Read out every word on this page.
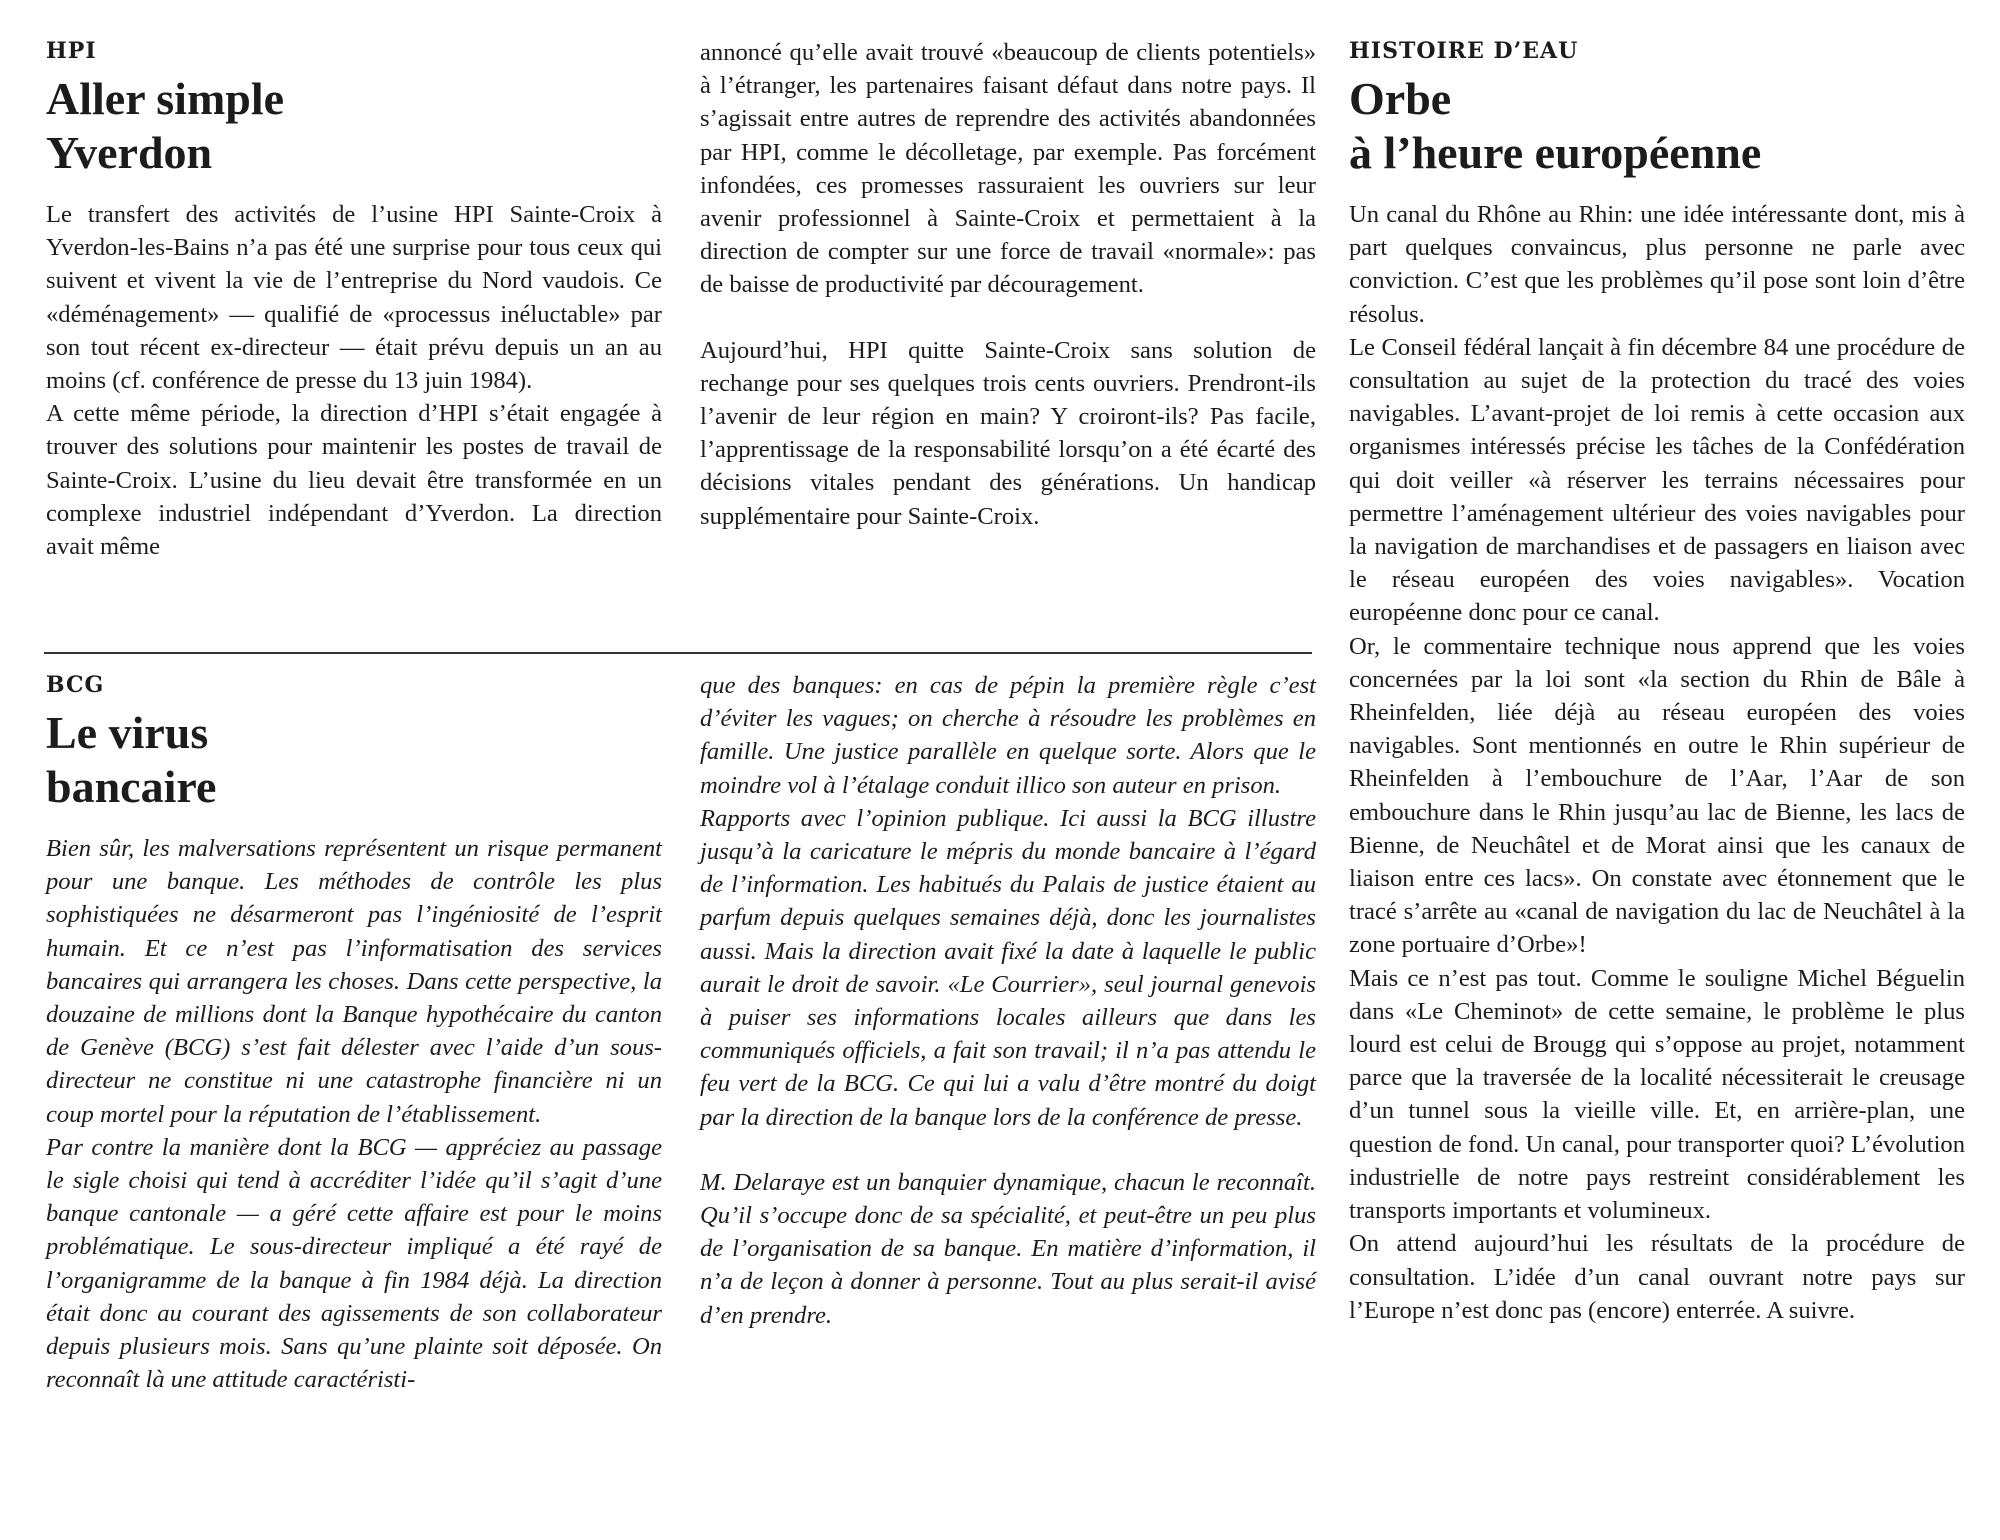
HPI
Aller simple
Yverdon

Le transfert des activités de l’usine HPI Sainte-Croix à Yverdon-les-Bains n’a pas été une surprise pour tous ceux qui suivent et vivent la vie de l’entreprise du Nord vaudois. Ce «déménagement» — qualifié de «processus inéluctable» par son tout récent ex-directeur — était prévu depuis un an au moins (cf. conférence de presse du 13 juin 1984).

A cette même période, la direction d’HPI s’était engagée à trouver des solutions pour maintenir les postes de travail de Sainte-Croix. L’usine du lieu devait être transformée en un complexe industriel indépendant d’Yverdon. La direction avait même

annoncé qu’elle avait trouvé «beaucoup de clients potentiels» à l’étranger, les partenaires faisant défaut dans notre pays. Il s’agissait entre autres de reprendre des activités abandonnées par HPI, comme le décolletage, par exemple. Pas forcément infondées, ces promesses rassuraient les ouvriers sur leur avenir professionnel à Sainte-Croix et permettaient à la direction de compter sur une force de travail «normale»: pas de baisse de productivité par découragement.

Aujourd’hui, HPI quitte Sainte-Croix sans solution de rechange pour ses quelques trois cents ouvriers. Prendront-ils l’avenir de leur région en main? Y croiront-ils? Pas facile, l’apprentissage de la responsabilité lorsqu’on a été écarté des décisions vitales pendant des générations. Un handicap supplémentaire pour Sainte-Croix.

BCG
Le virus
bancaire

Bien sûr, les malversations représentent un risque permanent pour une banque. Les méthodes de contrôle les plus sophistiquées ne désarmeront pas l’ingéniosité de l’esprit humain. Et ce n’est pas l’informatisation des services bancaires qui arrangera les choses. Dans cette perspective, la douzaine de millions dont la Banque hypothécaire du canton de Genève (BCG) s’est fait délester avec l’aide d’un sous-directeur ne constitue ni une catastrophe financière ni un coup mortel pour la réputation de l’établissement.

Par contre la manière dont la BCG — appréciez au passage le sigle choisi qui tend à accréditer l’idée qu’il s’agit d’une banque cantonale — a géré cette affaire est pour le moins problématique. Le sous-directeur impliqué a été rayé de l’organigramme de la banque à fin 1984 déjà. La direction était donc au courant des agissements de son collaborateur depuis plusieurs mois. Sans qu’une plainte soit déposée. On reconnaît là une attitude caractéristi-

que des banques: en cas de pépin la première règle c’est d’éviter les vagues; on cherche à résoudre les problèmes en famille. Une justice parallèle en quelque sorte. Alors que le moindre vol à l’étalage conduit illico son auteur en prison.

Rapports avec l’opinion publique. Ici aussi la BCG illustre jusqu’à la caricature le mépris du monde bancaire à l’égard de l’information. Les habitués du Palais de justice étaient au parfum depuis quelques semaines déjà, donc les journalistes aussi. Mais la direction avait fixé la date à laquelle le public aurait le droit de savoir. «Le Courrier», seul journal genevois à puiser ses informations locales ailleurs que dans les communiqués officiels, a fait son travail; il n’a pas attendu le feu vert de la BCG. Ce qui lui a valu d’être montré du doigt par la direction de la banque lors de la conférence de presse.

M. Delaraye est un banquier dynamique, chacun le reconnaît. Qu’il s’occupe donc de sa spécialité, et peut-être un peu plus de l’organisation de sa banque. En matière d’information, il n’a de leçon à donner à personne. Tout au plus serait-il avisé d’en prendre.

HISTOIRE D’EAU
Orbe
à l’heure européenne

Un canal du Rhône au Rhin: une idée intéressante dont, mis à part quelques convaincus, plus personne ne parle avec conviction. C’est que les problèmes qu’il pose sont loin d’être résolus.

Le Conseil fédéral lançait à fin décembre 84 une procédure de consultation au sujet de la protection du tracé des voies navigables. L’avant-projet de loi remis à cette occasion aux organismes intéressés précise les tâches de la Confédération qui doit veiller «à réserver les terrains nécessaires pour permettre l’aménagement ultérieur des voies navigables pour la navigation de marchandises et de passagers en liaison avec le réseau européen des voies navigables». Vocation européenne donc pour ce canal.

Or, le commentaire technique nous apprend que les voies concernées par la loi sont «la section du Rhin de Bâle à Rheinfelden, liée déjà au réseau européen des voies navigables. Sont mentionnés en outre le Rhin supérieur de Rheinfelden à l’embouchure de l’Aar, l’Aar de son embouchure dans le Rhin jusqu’au lac de Bienne, les lacs de Bienne, de Neuchâtel et de Morat ainsi que les canaux de liaison entre ces lacs». On constate avec étonnement que le tracé s’arrête au «canal de navigation du lac de Neuchâtel à la zone portuaire d’Orbe»!

Mais ce n’est pas tout. Comme le souligne Michel Béguelin dans «Le Cheminot» de cette semaine, le problème le plus lourd est celui de Brougg qui s’oppose au projet, notamment parce que la traversée de la localité nécessiterait le creusage d’un tunnel sous la vieille ville. Et, en arrière-plan, une question de fond. Un canal, pour transporter quoi? L’évolution industrielle de notre pays restreint considérablement les transports importants et volumineux.

On attend aujourd’hui les résultats de la procédure de consultation. L’idée d’un canal ouvrant notre pays sur l’Europe n’est donc pas (encore) enterrée. A suivre.
